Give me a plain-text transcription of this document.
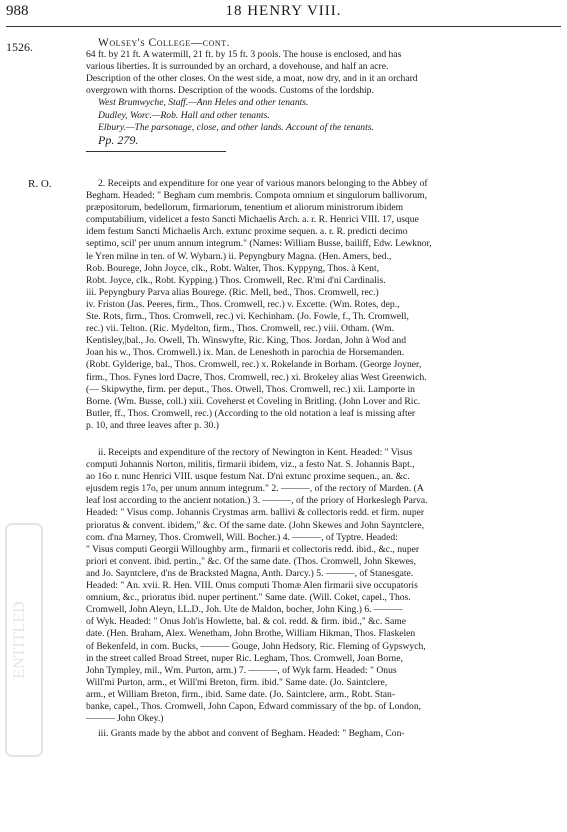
988	18 HENRY VIII.
1526.
R. O.
Wolsey's College—cont.
64 ft. by 21 ft. A watermill, 21 ft. by 15 ft. 3 pools. The house is enclosed, and has
various liberties. It is surrounded by an orchard, a dovehouse, and half an acre.
Description of the other closes. On the west side, a moat, now dry, and in it an orchard
overgrown with thorns. Description of the woods. Customs of the lordship.
West Brumwyche, Staff.—Ann Heles and other tenants.
Dudley, Worc.—Rob. Hall and other tenants.
Elbury.—The parsonage, close, and other lands. Account of the tenants.
Pp. 279.
2. Receipts and expenditure for one year of various manors belonging to the Abbey of
Begham. Headed: " Begham cum membris. Compota omnium et singulorum ballivorum,
præpositorum, bedellorum, firmariorum, tenentium et aliorum ministrorum ibidem
computabilium, videlicet a festo Sancti Michaelis Arch. a. r. R. Henrici VIII. 17, usque
idem festum Sancti Michaelis Arch. extunc proxime sequen. a. r. R. predicti decimo
septimo, scil' per unum annum integrum." (Names: William Busse, bailiff, Edw. Lewknor,
le Yren milne in ten. of W. Wybarn.) ii. Pepyngbury Magna. (Hen. Amers, bed.,
Rob. Bourege, John Joyce, clk., Robt. Walter, Thos. Kyppyng, Thos. à Kent,
Robt. Joyce, clk., Robt. Kypping.) Thos. Cromwell, Rec. R'mi d'ni Cardinalis.
iii. Pepyngbury Parva alias Bourege. (Ric. Mell, bed., Thos. Cromwell, rec.)
iv. Friston (Jas. Peeres, firm., Thos. Cromwell, rec.) v. Excette. (Wm. Rotes, dep.,
Ste. Rots, firm., Thos. Cromwell, rec.) vi. Kechinham. (Jo. Fowle, f., Th. Cromwell,
rec.) vii. Telton. (Ric. Mydelton, firm., Thos. Cromwell, rec.) viii. Otham. (Wm.
Kentisley,|bal., Jo. Owell, Th. Winswyfte, Ric. King, Thos. Jordan, John à Wod and
Joan his w., Thos. Cromwell.) ix. Man. de Leneshoth in parochia de Horsemanden.
(Robt. Gylderige, bal., Thos. Cromwell, rec.) x. Rokelande in Borham. (George Joyner,
firm., Thos. Fynes lord Dacre, Thos. Cromwell, rec.) xi. Brokeley alias West Greenwich.
(— Skipwythe, firm. per deput., Thos. Otwell, Thos. Cromwell, rec.) xii. Lamporte in
Borne. (Wm. Busse, coll.) xiii. Coveherst et Coveling in Britling. (John Lover and Ric.
Butler, ff., Thos. Cromwell, rec.) (According to the old notation a leaf is missing after
p. 10, and three leaves after p. 30.)
ii. Receipts and expenditure of the rectory of Newington in Kent. Headed: " Visus
computi Johannis Norton, militis, firmarii ibidem, viz., a festo Nat. S. Johannis Bapt.,
ao 16o r. nunc Henrici VIII. usque festum Nat. D'ni extunc proxime sequen., an. &c.
ejusdem regis 17o, per unum annum integrum." 2. ———, of the rectory of Marden. (A
leaf lost according to the ancient notation.) 3. ———, of the priory of Horkeslegh Parva.
Headed: " Visus comp. Johannis Crystmas arm. ballivi & collectoris redd. et firm. nuper
prioratus & convent. ibidem," &c. Of the same date. (John Skewes and John Sayntclere,
com. d'na Marney, Thos. Cromwell, Will. Bocher.) 4. ———, of Typtre. Headed:
" Visus computi Georgii Willoughby arm., firmarii et collectoris redd. ibid., &c., nuper
priori et convent. ibid. pertin.," &c. Of the same date. (Thos. Cromwell, John Skewes,
and Jo. Sayntclere, d'ns de Bracksted Magna, Anth. Darcy.) 5. ———, of Stanesgate.
Headed: " An. xvii. R. Hen. VIII. Onus computi Thomæ Alen firmarii sive occupatoris
omnium, &c., prioratus ibid. nuper pertinent." Same date. (Will. Coket, capel., Thos.
Cromwell, John Aleyn, LL.D., Joh. Ute de Maldon, bocher, John King.) 6. ———
of Wyk. Headed: " Onus Joh'is Howlette, bal. & col. redd. & firm. ibid.," &c. Same
date. (Hen. Braham, Alex. Wenetham, John Brothe, William Hikman, Thos. Flaskelen
of Bekenfeld, in com. Bucks, ——— Gouge, John Hedsory, Ric. Fleming of Gypswych,
in the street called Broad Street, nuper Ric. Legham, Thos. Cromwell, Joan Borne,
John Tympley, mil., Wm. Purton, arm.) 7. ———, of Wyk farm. Headed: " Onus
Will'mi Purton, arm., et Will'mi Breton, firm. ibid." Same date. (Jo. Saintclere,
arm., et William Breton, firm., ibid. Same date. (Jo. Saintclere, arm., Robt. Stan-
banke, capel., Thos. Cromwell, John Capon, Edward commissary of the bp. of London,
——— John Okey.)
iii. Grants made by the abbot and convent of Begham. Headed: " Begham, Con-
ENTITLED
